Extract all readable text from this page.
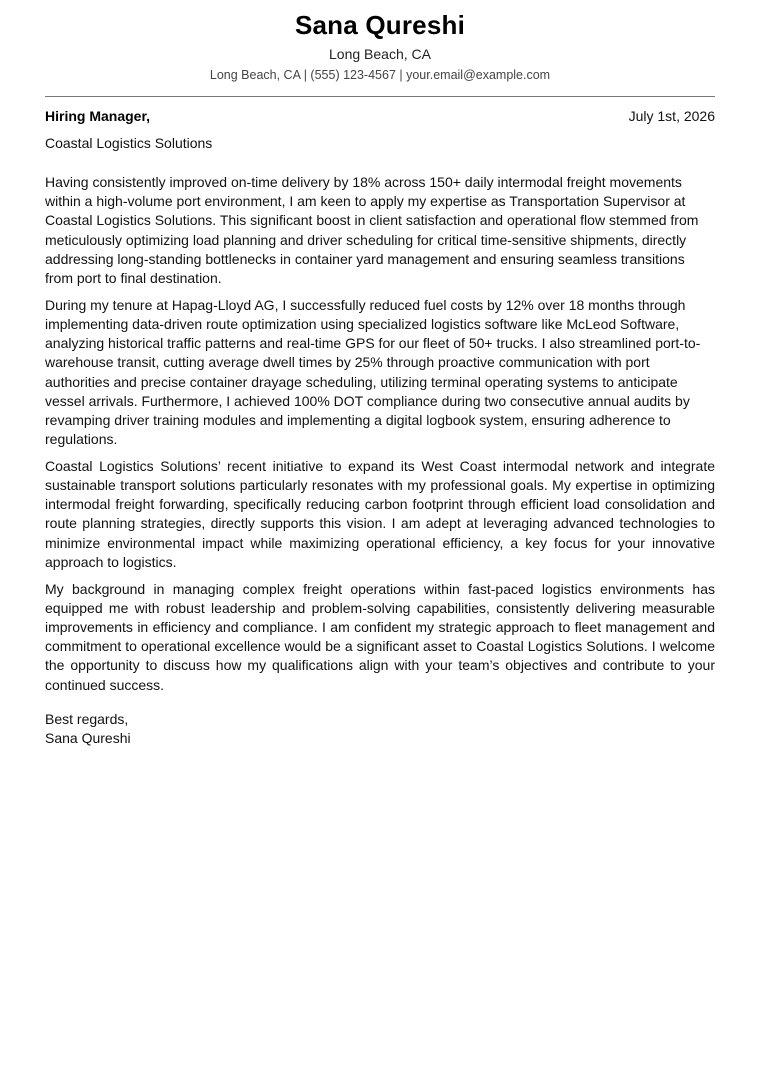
Sana Qureshi
Long Beach, CA
Long Beach, CA | (555) 123-4567 | your.email@example.com
Hiring Manager,	July 1st, 2026
Coastal Logistics Solutions

Having consistently improved on-time delivery by 18% across 150+ daily intermodal freight movements within a high-volume port environment, I am keen to apply my expertise as Transportation Supervisor at Coastal Logistics Solutions. This significant boost in client satisfaction and operational flow stemmed from meticulously optimizing load planning and driver scheduling for critical time-sensitive shipments, directly addressing long-standing bottlenecks in container yard management and ensuring seamless transitions from port to final destination.

During my tenure at Hapag-Lloyd AG, I successfully reduced fuel costs by 12% over 18 months through implementing data-driven route optimization using specialized logistics software like McLeod Software, analyzing historical traffic patterns and real-time GPS for our fleet of 50+ trucks. I also streamlined port-to-warehouse transit, cutting average dwell times by 25% through proactive communication with port authorities and precise container drayage scheduling, utilizing terminal operating systems to anticipate vessel arrivals. Furthermore, I achieved 100% DOT compliance during two consecutive annual audits by revamping driver training modules and implementing a digital logbook system, ensuring adherence to regulations.

Coastal Logistics Solutions’ recent initiative to expand its West Coast intermodal network and integrate sustainable transport solutions particularly resonates with my professional goals. My expertise in optimizing intermodal freight forwarding, specifically reducing carbon footprint through efficient load consolidation and route planning strategies, directly supports this vision. I am adept at leveraging advanced technologies to minimize environmental impact while maximizing operational efficiency, a key focus for your innovative approach to logistics.

My background in managing complex freight operations within fast-paced logistics environments has equipped me with robust leadership and problem-solving capabilities, consistently delivering measurable improvements in efficiency and compliance. I am confident my strategic approach to fleet management and commitment to operational excellence would be a significant asset to Coastal Logistics Solutions. I welcome the opportunity to discuss how my qualifications align with your team’s objectives and contribute to your continued success.

Best regards,
Sana Qureshi
